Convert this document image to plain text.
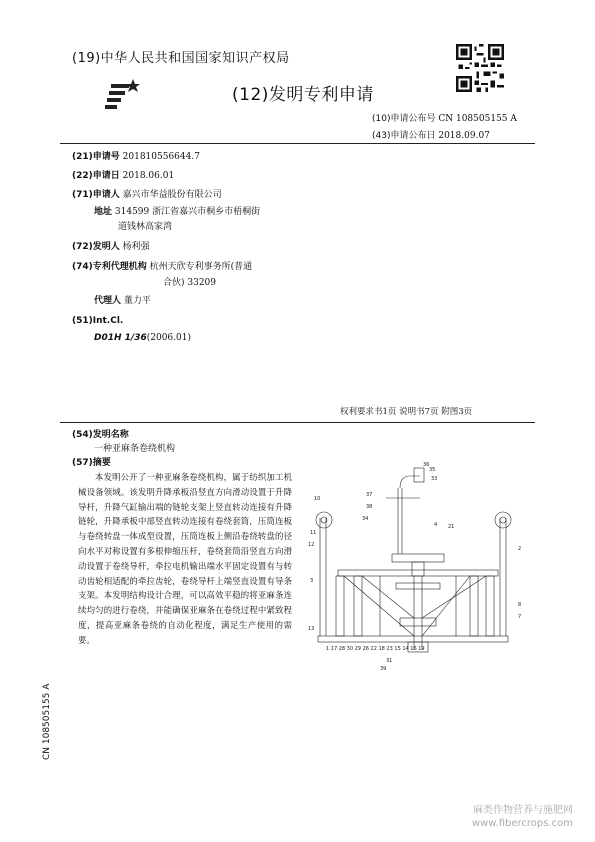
(19)中华人民共和国国家知识产权局
(12)发明专利申请
(10)申请公布号 CN 108505155 A
(43)申请公布日 2018.09.07
(21)申请号 201810556644.7
(22)申请日 2018.06.01
(71)申请人 嘉兴市华益股份有限公司
地址 314599 浙江省嘉兴市桐乡市梧桐街
道钱林高家湾
(72)发明人 杨利强
(74)专利代理机构 杭州天欣专利事务所(普通
合伙) 33209
代理人 董力平
(51)Int.Cl.
D01H 1/36(2006.01)
权利要求书1页 说明书7页 附图3页
(54)发明名称
一种亚麻条卷绕机构
(57)摘要
本发明公开了一种亚麻条卷绕机构，属于纺织加工机械设备领域。该发明升降承板沿竖直方向滑动设置于升降导杆，升降气缸输出端的链轮支架上竖直转动连接有升降链轮，升降承板中部竖直转动连接有卷绕套筒，压筒连板与卷绕转盘一体成型设置，压筒连板上侧沿卷绕转盘的径向水平对称设置有多根伸缩压杆，卷绕套筒沿竖直方向滑动设置于卷绕导杆，牵拉电机输出端水平固定设置有与转动齿轮相适配的牵拉齿轮，卷绕导杆上端竖直设置有导条支架。本发明结构设计合理，可以高效平稳的将亚麻条连续均匀的进行卷绕，并能确保亚麻条在卷绕过程中紧致程度，提高亚麻条卷绕的自动化程度，满足生产使用的需要。
10
36
35
33
37
38
34
4 21
11
12
2
3
8
7
13
1 17 28 30 29 26 22 18 23 15 14 16 19
31
39
CN 108505155 A
麻类作物营养与施肥网
www.fibercrops.com
